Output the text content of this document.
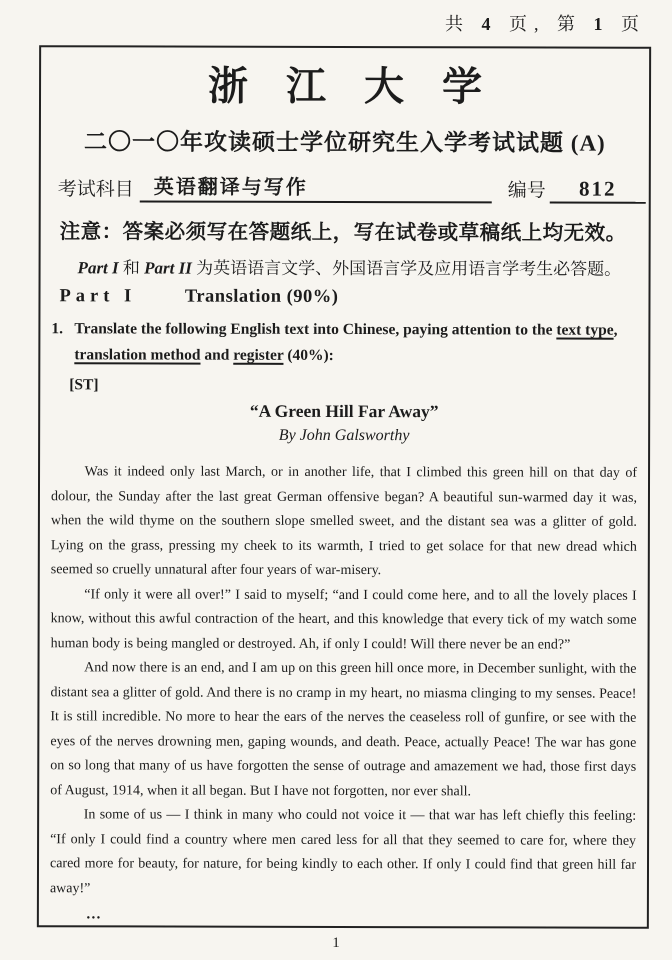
共 4 页, 第 1 页
浙 江 大 学
二〇一〇年攻读硕士学位研究生入学考试试题 (A)
考试科目 英语翻译与写作	编号	812
注意：答案必须写在答题纸上，写在试卷或草稿纸上均无效。
Part I 和 Part II 为英语语言文学、外国语言学及应用语言学考生必答题。
Part I	Translation (90%)
1. Translate the following English text into Chinese, paying attention to the text type, translation method and register (40%):
[ST]
“A Green Hill Far Away”
By John Galsworthy

Was it indeed only last March, or in another life, that I climbed this green hill on that day of dolour, the Sunday after the last great German offensive began? A beautiful sun-warmed day it was, when the wild thyme on the southern slope smelled sweet, and the distant sea was a glitter of gold. Lying on the grass, pressing my cheek to its warmth, I tried to get solace for that new dread which seemed so cruelly unnatural after four years of war-misery.

“If only it were all over!” I said to myself; “and I could come here, and to all the lovely places I know, without this awful contraction of the heart, and this knowledge that every tick of my watch some human body is being mangled or destroyed. Ah, if only I could! Will there never be an end?”

And now there is an end, and I am up on this green hill once more, in December sunlight, with the distant sea a glitter of gold. And there is no cramp in my heart, no miasma clinging to my senses. Peace! It is still incredible. No more to hear the ears of the nerves the ceaseless roll of gunfire, or see with the eyes of the nerves drowning men, gaping wounds, and death. Peace, actually Peace! The war has gone on so long that many of us have forgotten the sense of outrage and amazement we had, those first days of August, 1914, when it all began. But I have not forgotten, nor ever shall.

In some of us — I think in many who could not voice it — that war has left chiefly this feeling: “If only I could find a country where men cared less for all that they seemed to care for, where they cared more for beauty, for nature, for being kindly to each other. If only I could find that green hill far away!”

…
1
